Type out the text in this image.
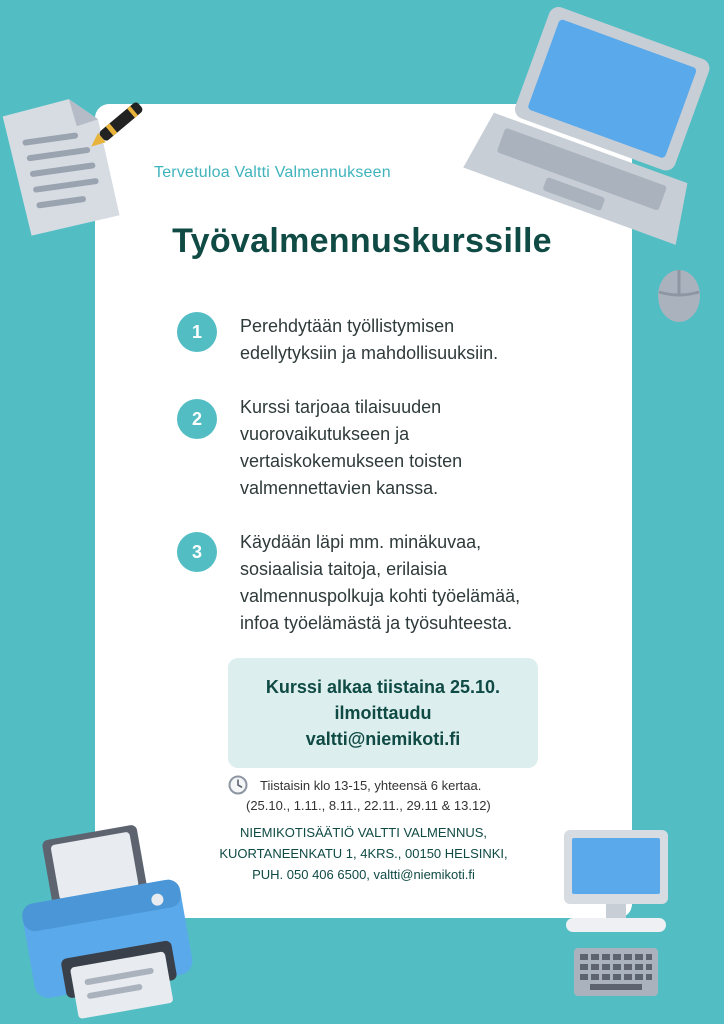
Tervetuloa Valtti Valmennukseen
Työvalmennuskurssille
1	Perehdytään työllistymisen
edellytyksiin ja mahdollisuuksiin.
2
Kurssi tarjoaa tilaisuuden
vuorovaikutukseen ja
vertaiskokemukseen toisten
valmennettavien kanssa.
3	Käydään läpi mm. minäkuvaa,
sosiaalisia taitoja, erilaisia
valmennuspolkuja kohti työelämää,
infoa työelämästä ja työsuhteesta.
Kurssi alkaa tiistaina 25.10.
ilmoittaudu
valtti@niemikoti.fi
Tiistaisin klo 13-15, yhteensä 6 kertaa.
(25.10., 1.11., 8.11., 22.11., 29.11 & 13.12)
NIEMIKOTISÄÄTIÖ VALTTI VALMENNUS,
KUORTANEENKATU 1, 4KRS., 00150 HELSINKI,
PUH. 050 406 6500, valtti@niemikoti.fi
